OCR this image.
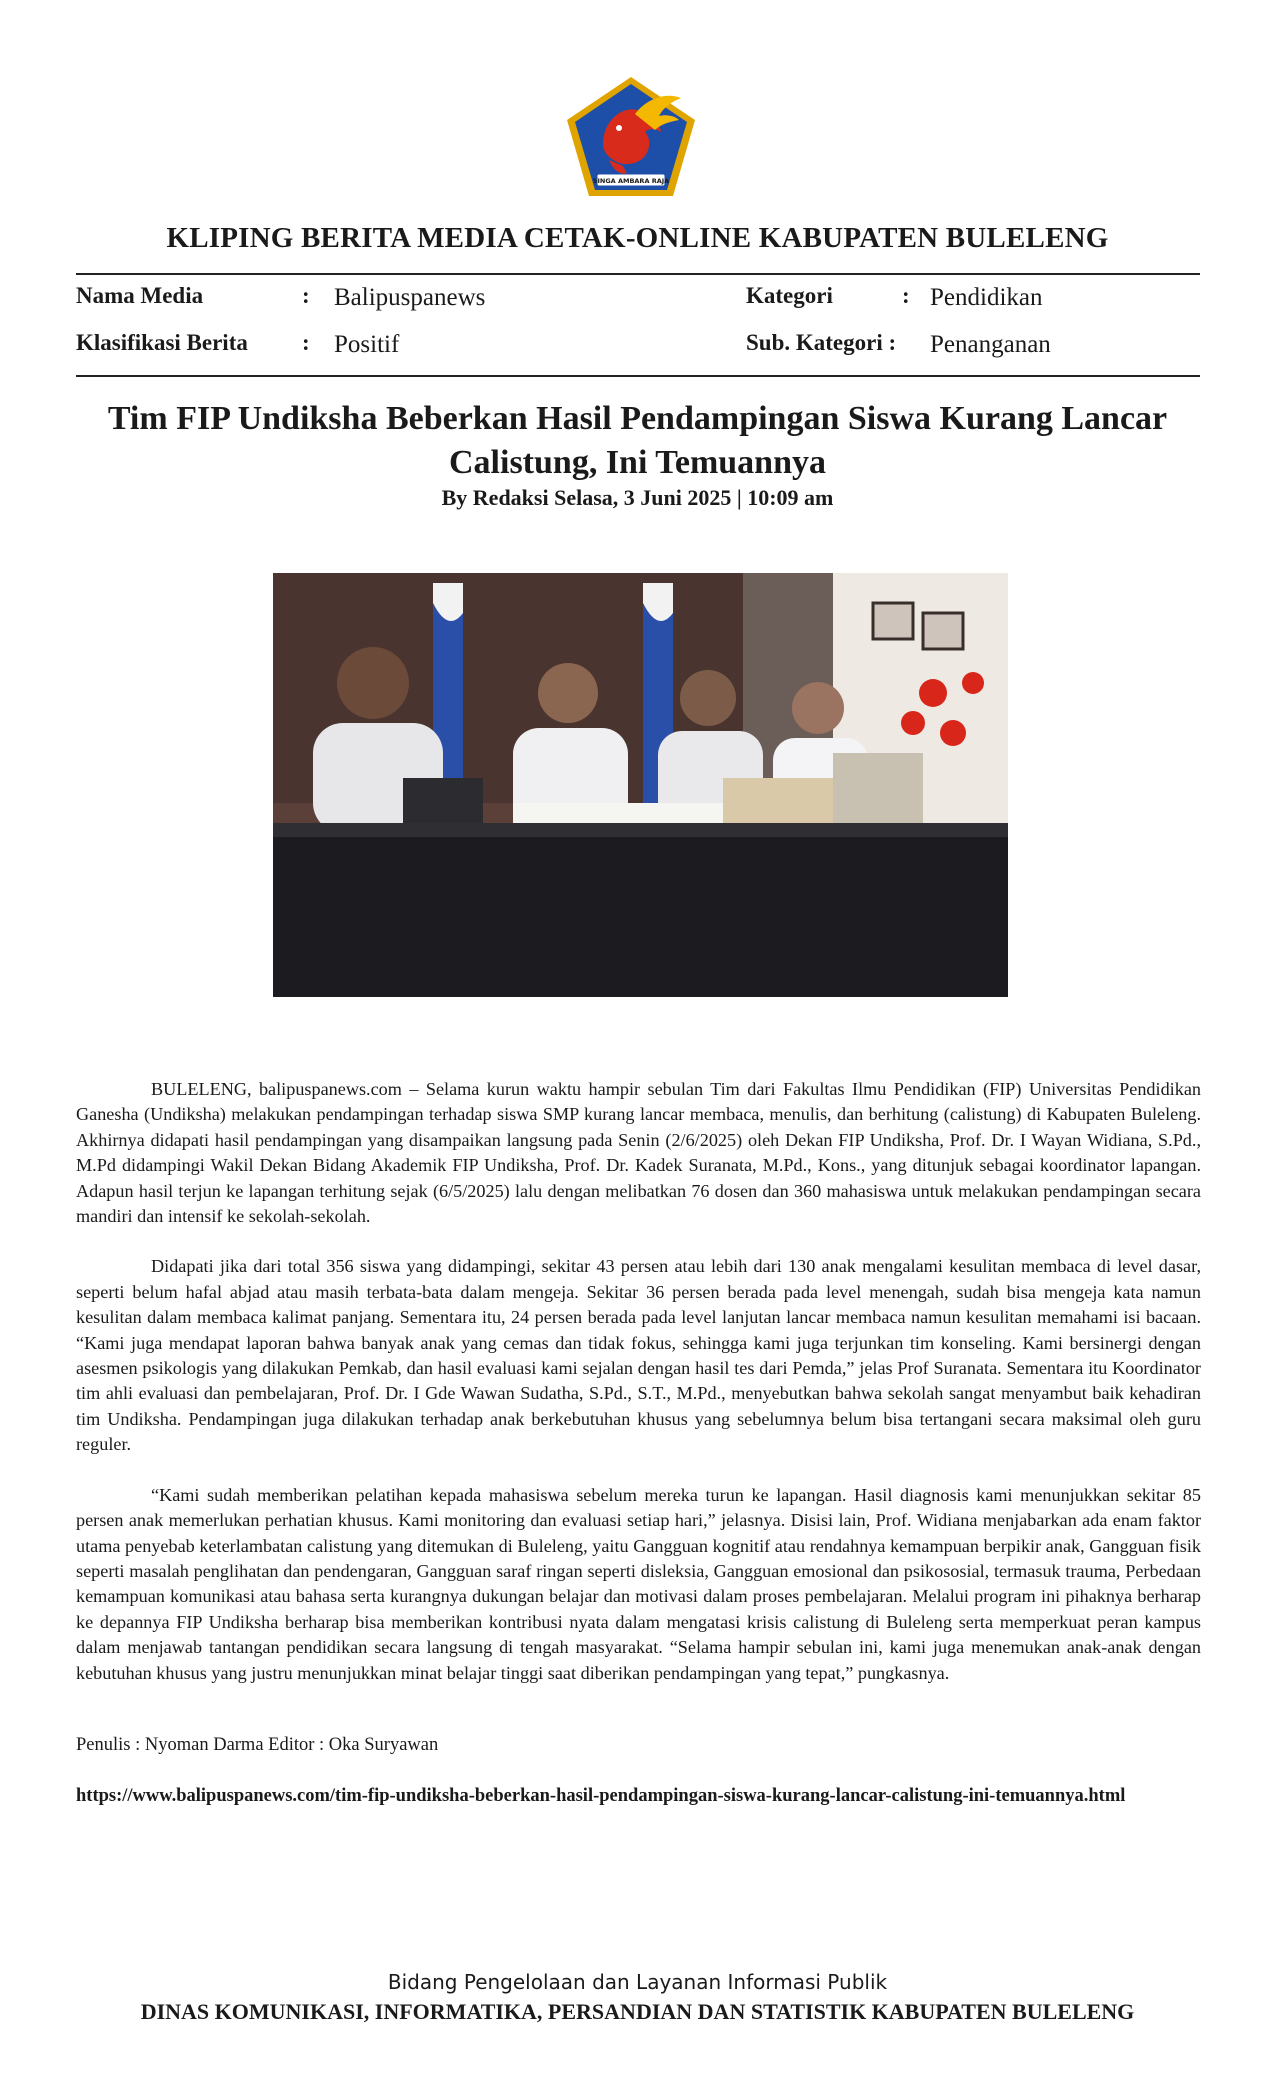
SINGA AMBARA RAJA
KLIPING BERITA MEDIA CETAK-ONLINE KABUPATEN BULELENG
Nama Media	: Balipuspanews
Klasifikasi Berita : Positif
Kategori	: Pendidikan
Sub. Kategori : Penanganan
Tim FIP Undiksha Beberkan Hasil Pendampingan Siswa Kurang Lancar Calistung, Ini Temuannya
By Redaksi Selasa, 3 Juni 2025 | 10:09 am

BULELENG, balipuspanews.com – Selama kurun waktu hampir sebulan Tim dari Fakultas Ilmu Pendidikan (FIP) Universitas Pendidikan Ganesha (Undiksha) melakukan pendampingan terhadap siswa SMP kurang lancar membaca, menulis, dan berhitung (calistung) di Kabupaten Buleleng. Akhirnya didapati hasil pendampingan yang disampaikan langsung pada Senin (2/6/2025) oleh Dekan FIP Undiksha, Prof. Dr. I Wayan Widiana, S.Pd., M.Pd didampingi Wakil Dekan Bidang Akademik FIP Undiksha, Prof. Dr. Kadek Suranata, M.Pd., Kons., yang ditunjuk sebagai koordinator lapangan. Adapun hasil terjun ke lapangan terhitung sejak (6/5/2025) lalu dengan melibatkan 76 dosen dan 360 mahasiswa untuk melakukan pendampingan secara mandiri dan intensif ke sekolah-sekolah.

Didapati jika dari total 356 siswa yang didampingi, sekitar 43 persen atau lebih dari 130 anak mengalami kesulitan membaca di level dasar, seperti belum hafal abjad atau masih terbata-bata dalam mengeja. Sekitar 36 persen berada pada level menengah, sudah bisa mengeja kata namun kesulitan dalam membaca kalimat panjang. Sementara itu, 24 persen berada pada level lanjutan lancar membaca namun kesulitan memahami isi bacaan. “Kami juga mendapat laporan bahwa banyak anak yang cemas dan tidak fokus, sehingga kami juga terjunkan tim konseling. Kami bersinergi dengan asesmen psikologis yang dilakukan Pemkab, dan hasil evaluasi kami sejalan dengan hasil tes dari Pemda,” jelas Prof Suranata. Sementara itu Koordinator tim ahli evaluasi dan pembelajaran, Prof. Dr. I Gde Wawan Sudatha, S.Pd., S.T., M.Pd., menyebutkan bahwa sekolah sangat menyambut baik kehadiran tim Undiksha. Pendampingan juga dilakukan terhadap anak berkebutuhan khusus yang sebelumnya belum bisa tertangani secara maksimal oleh guru reguler.

“Kami sudah memberikan pelatihan kepada mahasiswa sebelum mereka turun ke lapangan. Hasil diagnosis kami menunjukkan sekitar 85 persen anak memerlukan perhatian khusus. Kami monitoring dan evaluasi setiap hari,” jelasnya. Disisi lain, Prof. Widiana menjabarkan ada enam faktor utama penyebab keterlambatan calistung yang ditemukan di Buleleng, yaitu Gangguan kognitif atau rendahnya kemampuan berpikir anak, Gangguan fisik seperti masalah penglihatan dan pendengaran, Gangguan saraf ringan seperti disleksia, Gangguan emosional dan psikososial, termasuk trauma, Perbedaan kemampuan komunikasi atau bahasa serta kurangnya dukungan belajar dan motivasi dalam proses pembelajaran. Melalui program ini pihaknya berharap ke depannya FIP Undiksha berharap bisa memberikan kontribusi nyata dalam mengatasi krisis calistung di Buleleng serta memperkuat peran kampus dalam menjawab tantangan pendidikan secara langsung di tengah masyarakat. “Selama hampir sebulan ini, kami juga menemukan anak-anak dengan kebutuhan khusus yang justru menunjukkan minat belajar tinggi saat diberikan pendampingan yang tepat,” pungkasnya.

Penulis : Nyoman Darma Editor : Oka Suryawan
https://www.balipuspanews.com/tim-fip-undiksha-beberkan-hasil-pendampingan-siswa-kurang-lancar-calistung-ini-temuannya.html
Bidang Pengelolaan dan Layanan Informasi Publik
DINAS KOMUNIKASI, INFORMATIKA, PERSANDIAN DAN STATISTIK KABUPATEN BULELENG
